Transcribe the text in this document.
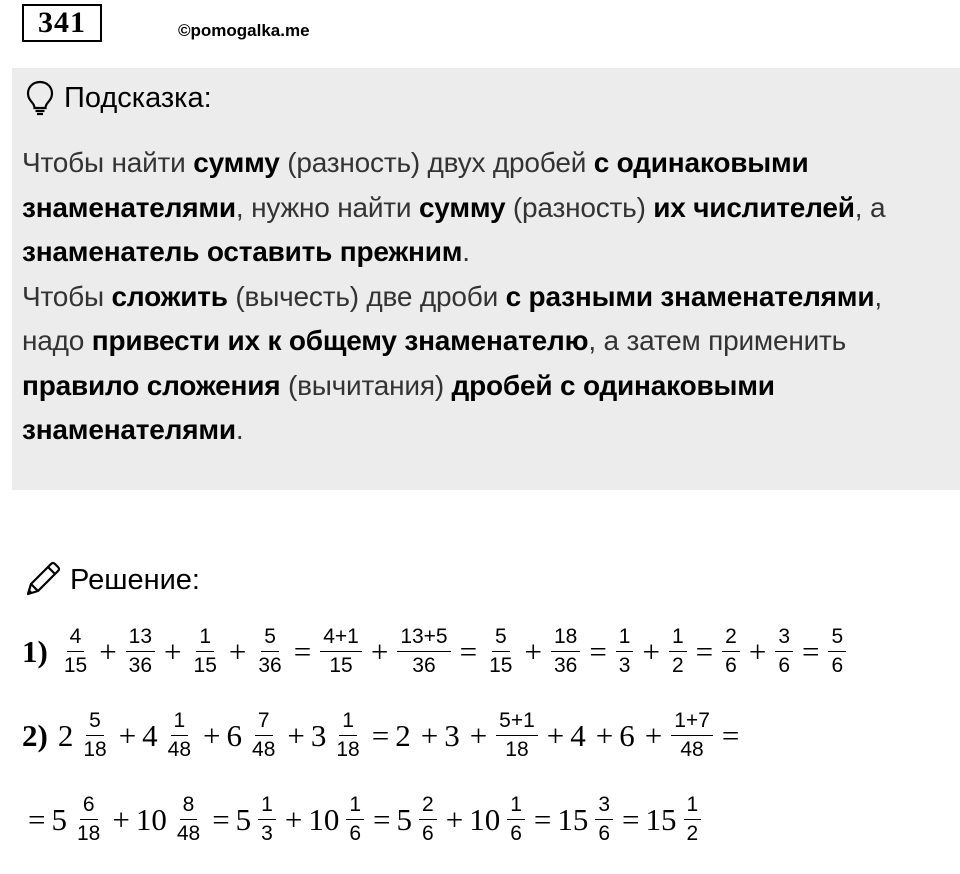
341	©pomogalka.me
Подсказка:
Чтобы найти сумму (разность) двух дробей с одинаковыми знаменателями, нужно найти сумму (разность) их числителей, а знаменатель оставить прежним.
Чтобы сложить (вычесть) две дроби с разными знаменателями, надо привести их к общему знаменателю, а затем применить правило сложения (вычитания) дробей с одинаковыми знаменателями.
Решение:
$1) \frac{4}{15} + \frac{13}{36} + \frac{1}{15} + \frac{5}{36} = \frac{4+1}{15} + \frac{13+5}{36} = \frac{5}{15} + \frac{18}{36} = \frac{1}{3} + \frac{1}{2} = \frac{2}{6} + \frac{3}{6} = \frac{5}{6}$
2) $2 \frac{5}{18} + 4 \frac{1}{48} + 6 \frac{7}{48} + 3 \frac{1}{18} = 2 + 3 + \frac{5+1}{18} + 4 + 6 + \frac{1+7}{48}$ =
= $5 \frac{6}{18} + 10 \frac{8}{48} = 5 \frac{1}{3} + 10 \frac{1}{6} = 5 \frac{2}{6} + 10 \frac{1}{6} = 15 \frac{3}{6} = 15 \frac{1}{2}$
